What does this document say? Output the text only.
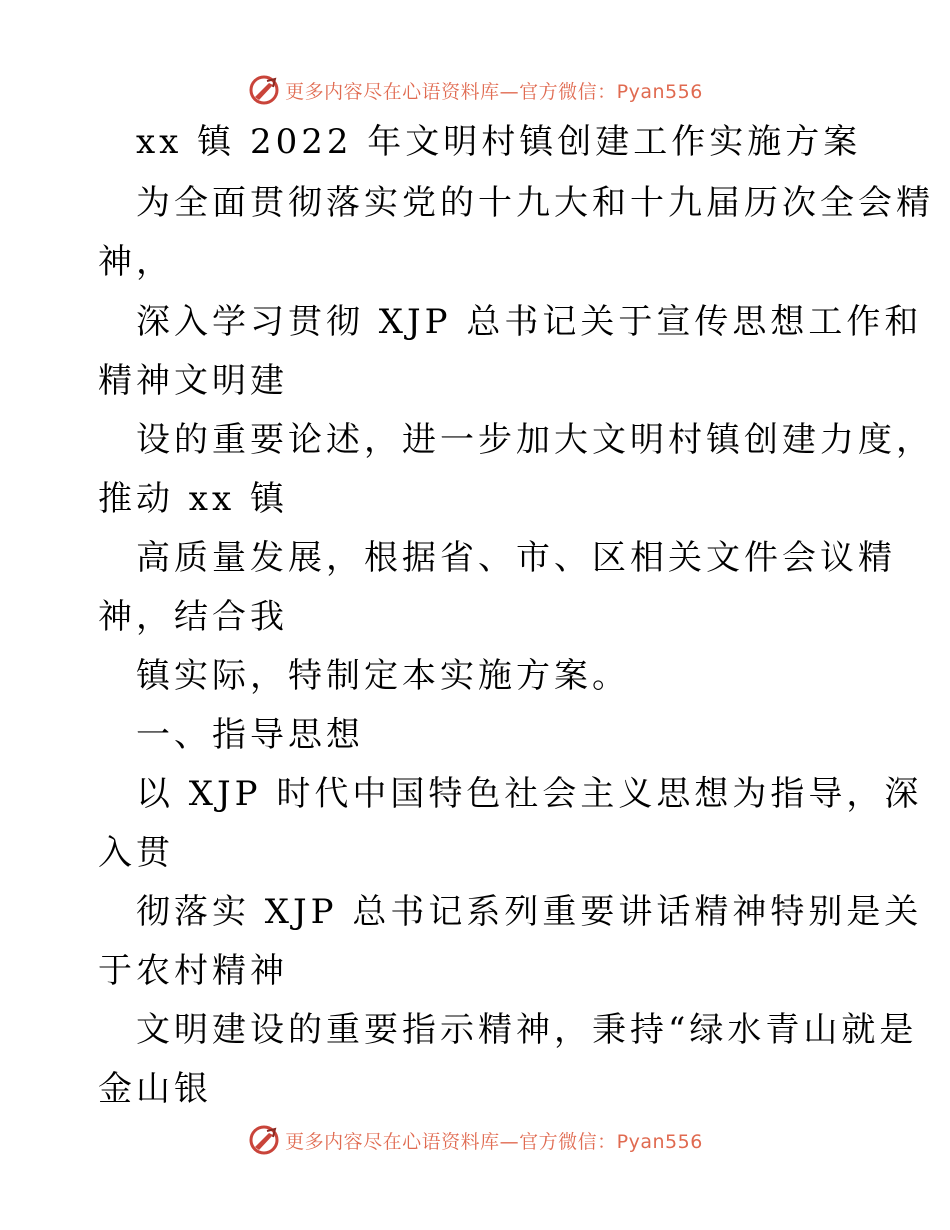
更多内容尽在心语资料库—官方微信：Pyan556
xx 镇 2022 年文明村镇创建工作实施方案
为全面贯彻落实党的十九大和十九届历次全会精
神，
深入学习贯彻 XJP 总书记关于宣传思想工作和
精神文明建
设的重要论述，进一步加大文明村镇创建力度，
推动 xx 镇
高质量发展，根据省、市、区相关文件会议精
神，结合我
镇实际，特制定本实施方案。
一、指导思想
以 XJP 时代中国特色社会主义思想为指导，深
入贯
彻落实 XJP 总书记系列重要讲话精神特别是关
于农村精神
文明建设的重要指示精神，秉持“绿水青山就是
金山银
更多内容尽在心语资料库—官方微信：Pyan556
